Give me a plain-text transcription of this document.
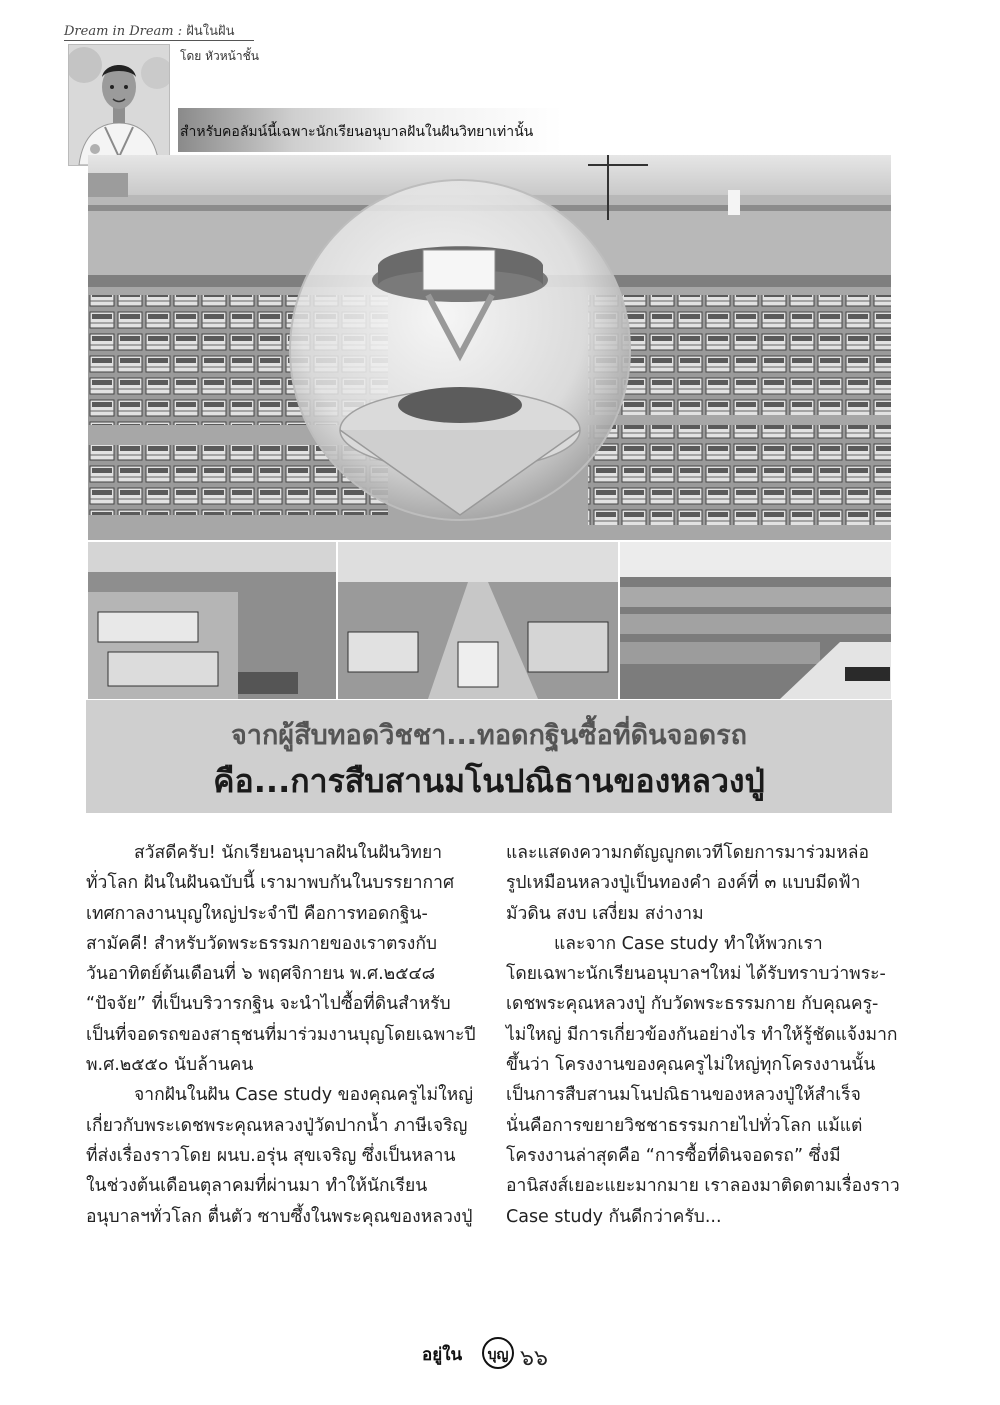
Dream in Dream : ฝันในฝัน
โดย หัวหน้าชั้น
สำหรับคอลัมน์นี้เฉพาะนักเรียนอนุบาลฝันในฝันวิทยาเท่านั้น
จากผู้สืบทอดวิชชา...ทอดกฐินซื้อที่ดินจอดรถ
คือ...การสืบสานมโนปณิธานของหลวงปู่
สวัสดีครับ! นักเรียนอนุบาลฝันในฝันวิทยา
ทั่วโลก ฝันในฝันฉบับนี้ เรามาพบกันในบรรยากาศ
เทศกาลงานบุญใหญ่ประจำปี คือการทอดกฐิน-
สามัคคี! สำหรับวัดพระธรรมกายของเราตรงกับ
วันอาทิตย์ต้นเดือนที่ ๖ พฤศจิกายน พ.ศ.๒๕๔๘
“ปัจจัย” ที่เป็นบริวารกฐิน จะนำไปซื้อที่ดินสำหรับ
เป็นที่จอดรถของสาธุชนที่มาร่วมงานบุญโดยเฉพาะปี
พ.ศ.๒๕๕๐ นับล้านคน
จากฝันในฝัน Case study ของคุณครูไม่ใหญ่
เกี่ยวกับพระเดชพระคุณหลวงปู่วัดปากน้ำ ภาษีเจริญ
ที่ส่งเรื่องราวโดย ผนบ.อรุ่น สุขเจริญ ซึ่งเป็นหลาน
ในช่วงต้นเดือนตุลาคมที่ผ่านมา ทำให้นักเรียน
อนุบาลฯทั่วโลก ตื่นตัว ซาบซึ้งในพระคุณของหลวงปู่
และแสดงความกตัญญูกตเวทีโดยการมาร่วมหล่อ
รูปเหมือนหลวงปู่เป็นทองคำ องค์ที่ ๓ แบบมีดฟ้า
มัวดิน สงบ เสงี่ยม สง่างาม
และจาก Case study ทำให้พวกเรา
โดยเฉพาะนักเรียนอนุบาลฯใหม่ ได้รับทราบว่าพระ-
เดชพระคุณหลวงปู่ กับวัดพระธรรมกาย กับคุณครู-
ไม่ใหญ่ มีการเกี่ยวข้องกันอย่างไร ทำให้รู้ชัดแจ้งมาก
ขึ้นว่า โครงงานของคุณครูไม่ใหญ่ทุกโครงงานนั้น
เป็นการสืบสานมโนปณิธานของหลวงปู่ให้สำเร็จ
นั่นคือการขยายวิชชาธรรมกายไปทั่วโลก แม้แต่
โครงงานล่าสุดคือ “การซื้อที่ดินจอดรถ” ซึ่งมี
อานิสงส์เยอะแยะมากมาย เราลองมาติดตามเรื่องราว
Case study กันดีกว่าครับ...
อยู่ใน บุญ ๖๖
